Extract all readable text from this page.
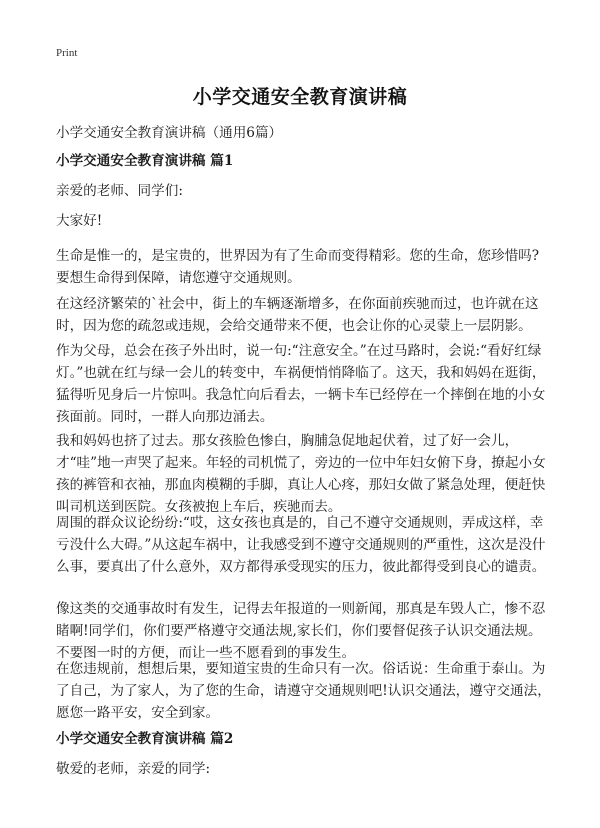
Print
小学交通安全教育演讲稿

小学交通安全教育演讲稿（通用6篇）

小学交通安全教育演讲稿 篇1

亲爱的老师、同学们:

大家好!

生命是惟一的，是宝贵的，世界因为有了生命而变得精彩。您的生命，您珍惜吗?要想生命得到保障，请您遵守交通规则。

在这经济繁荣的`社会中，街上的车辆逐渐增多，在你面前疾驰而过，也许就在这时，因为您的疏忽或违规，会给交通带来不便，也会让你的心灵蒙上一层阴影。

作为父母，总会在孩子外出时，说一句:“注意安全。”在过马路时，会说:“看好红绿灯。”也就在红与绿一会儿的转变中，车祸便悄悄降临了。这天，我和妈妈在逛街，猛得听见身后一片惊叫。我急忙向后看去，一辆卡车已经停在一个摔倒在地的小女孩面前。同时，一群人向那边涌去。

我和妈妈也挤了过去。那女孩脸色惨白，胸脯急促地起伏着，过了好一会儿，才“哇”地一声哭了起来。年轻的司机慌了，旁边的一位中年妇女俯下身，撩起小女孩的裤管和衣袖，那血肉模糊的手脚，真让人心疼，那妇女做了紧急处理，便赶快叫司机送到医院。女孩被抱上车后，疾驰而去。

周围的群众议论纷纷:“哎，这女孩也真是的，自己不遵守交通规则，弄成这样，幸亏没什么大碍。”从这起车祸中，让我感受到不遵守交通规则的严重性，这次是没什么事，要真出了什么意外，双方都得承受现实的压力，彼此都得受到良心的谴责。

像这类的交通事故时有发生，记得去年报道的一则新闻，那真是车毁人亡，惨不忍睹啊!同学们，你们要严格遵守交通法规,家长们，你们要督促孩子认识交通法规。不要图一时的方便，而让一些不愿看到的事发生。

在您违规前，想想后果，要知道宝贵的生命只有一次。俗话说：生命重于泰山。为了自己，为了家人，为了您的生命，请遵守交通规则吧!认识交通法，遵守交通法，愿您一路平安，安全到家。

小学交通安全教育演讲稿 篇2

敬爱的老师，亲爱的同学:
